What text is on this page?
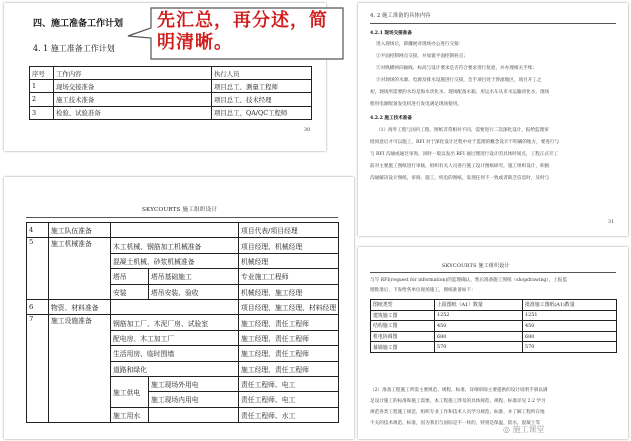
四、施工准备工作计划
4. 1 施工准备工作计划
序号	工作内容	执行人员
1	现场交接准备	项目总工、测量工程师
2	施工技术准备	项目总工、技术经理
3	检验、试验准备	项目总工、QA/QC工程师
30
先汇总，再分述，简明清晰。
SKYCOURTS 施工组织设计
4	施工队伍准备			项目代表/项目经理
5	施工机械准备	木工机械、钢筋加工机械准备		项目经理、机械经理
		混凝土机械、砂浆机械准备		机械经理
		塔吊	塔吊基础施工	专业施工工程师
		安装	塔吊安装、验收	机械经理、施工经理
6	物资、材料准备			项目经理、施工经理、材料经理
7	施工设施准备	钢筋加工厂、木泥厂房、试验室		施工经理、责任工程师
		配电房、木工加工厂		施工经理、责任工程师
		生活用房、临时围墙		施工经理、责任工程师
		道路和绿化		施工经理、责任工程师
		施工供电	施工现场外用电	责任工程师、电工
			施工现场内用电	责任工程师、电工
		施工用水		责任工程师、水工
4. 2 施工准备的具体内容
4.2.1 现场交接准备
进入现场后，即骤展对现场办公进行交接：
①平面控制网点交接，并加置平面控制桩点；
②对纵横两向轴线、标高与设计要求是否符合要求进行复验，并办理相关手续；
③对现场的水源、电源及排水设施进行交接，会手项目处于涉流地区，项目开工之
初，现场所需要的水均是海水淡化水、现场配备水箱，用运水车从市水运输淡化水，现场
使用电源配备发电机进行发电满足现场使用。
4.2.2 施工技术准备
（1）海外工程与国内工程、图纸非常相对不同，需要进行二次深化设计，报给监理审
批同意后才可以施工，RFI 对于深化设计过程中对于监理的概念设计不明确的地方，要进行与
与 RFI 沟通或通过审询，同时一般以发出 RFI 通过理进行设计的具体时间点，工程正式开工
前对主要施工图纸进行审核，组织有关人员进行施工设计图纸研究，施工组织设计，积极
沟通解决设计图纸，审阅，施工，机电的图纸，发现任何不一致或者缺乏信息时，及时与
31
SKYCOURTS 施工组织设计
与写 RFI(request for information)的监理确认，然后准备施工图纸（shopdrawing），上报监
理批准后，下发给各单位现场施工，图纸准备如下：
图纸类型	上报图纸（A1）数量	批准施工图纸(A1)数量
建筑施工图	1252	1251
结构施工图	450	450
机电协调图	680	680
幕墙施工图	570	570
（2）准备工程施工所需主要规范、规程、标准、详细审阅主要提供的设计说明手册以满
足设计施工的标准和施工需要，本工程施工涉及的具体规范、规程、标准详见 2.2 学习
规范各类工程施工规范，组织专业工作和技术人员学习规范、标准、并了解工程所在地
不关的技术规范、标准，因为我们与国际是不一样的，特别是保温，防水，混凝土等
◎ 施工课堂
